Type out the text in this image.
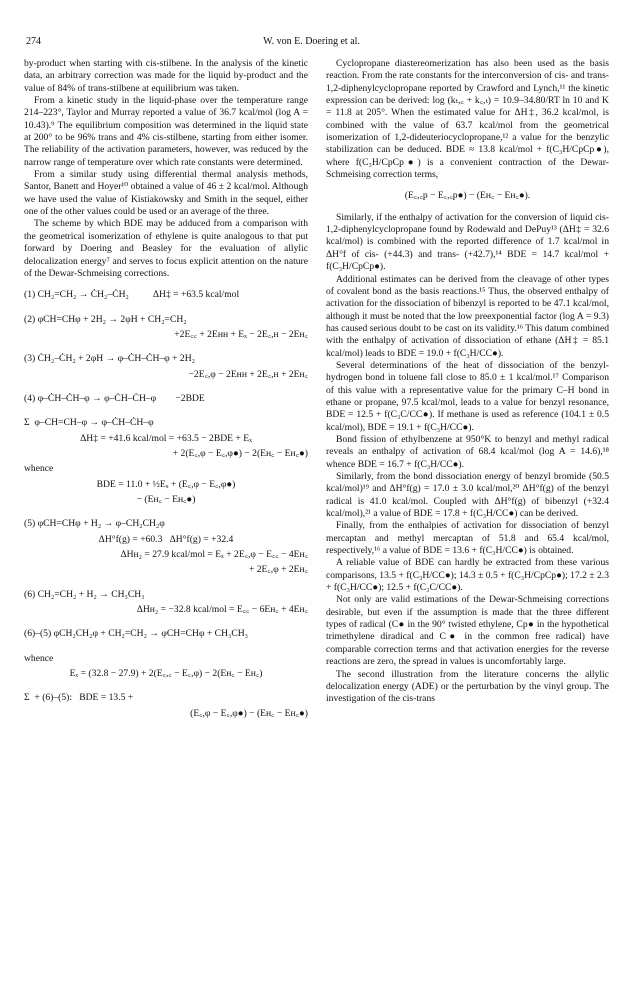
274	W. von E. Doering et al.

by-product when starting with cis-stilbene. In the analysis of the kinetic data, an arbitrary correction was made for the liquid by-product and the value of 84% of trans-stilbene at equilibrium was taken.

From a kinetic study in the liquid-phase over the temperature range 214–223°, Taylor and Murray reported a value of 36.7 kcal/mol (log A = 10.43).⁹ The equilibrium composition was determined in the liquid state at 200° to be 96% trans and 4% cis-stilbene, starting from either isomer. The reliability of the activation parameters, however, was reduced by the narrow range of temperature over which rate constants were determined.

From a similar study using differential thermal analysis methods, Santor, Banett and Hoyer¹⁰ obtained a value of 46 ± 2 kcal/mol. Although we have used the value of Kistiakowsky and Smith in the sequel, either one of the other values could be used or an average of the three.

The scheme by which BDE may be adduced from a comparison with the geometrical isomerization of ethylene is quite analogous to that put forward by Doering and Beasley for the evaluation of allylic delocalization energy⁷ and serves to focus explicit attention on the nature of the Dewar-Schmeising corrections.

(1) CH₂=CH₂ → ĊH₂–ĊH₂          ΔH‡ = +63.5 kcal/mol
(2) φCH=CHφ + 2H₂ → 2φH + CH₂=CH₂
+2E꜀꜀ + 2Eʜʜ + Eₓ − 2E꜀,ʜ − 2Eʜ꜀
(3) ĊH₂–ĊH₂ + 2φH → φ–ĊH–ĊH–φ + 2H₂
−2E꜀,φ − 2Eʜʜ + 2E꜀,ʜ + 2Eʜ꜀
(4) φ–ĊH–ĊH–φ → φ–ĊH–ĊH–φ        −2BDE
Σ  φ–CH=CH–φ → φ–ĊH–ĊH–φ
ΔH‡ = +41.6 kcal/mol = +63.5 − 2BDE + Eₓ
+ 2(E꜀,φ − E꜀,φ●) − 2(Eʜ꜀ − Eʜ꜀●)
whence
BDE = 11.0 + ½Eₓ + (E꜀,φ − E꜀,φ●)
− (Eʜ꜀ − Eʜ꜀●)
(5) φCH=CHφ + H₂ → φ–CH₂CH₂φ
ΔH°f(g) = +60.3   ΔH°f(g) = +32.4
ΔHʜ₂ = 27.9 kcal/mol = Eₓ + 2E꜀,φ − E꜀꜀ − 4Eʜ꜀
+ 2E꜀,φ + 2Eʜ꜀
(6) CH₂=CH₂ + H₂ → CH₃CH₃
ΔHʜ₂ = −32.8 kcal/mol = E꜀꜀ − 6Eʜ꜀ + 4Eʜ꜀
(6)–(5) φCH₂CH₂φ + CH₂=CH₂ → φCH=CHφ + CH₃CH₃
whence
Eₓ = (32.8 − 27.9) + 2(E꜀,꜀ − E꜀,φ) − 2(Eʜ꜀ − Eʜ꜀)
Σ  + (6)–(5):   BDE = 13.5 +
(E꜀,φ − E꜀,φ●) − (Eʜ꜀ − Eʜ꜀●)

Cyclopropane diastereomerization has also been used as the basis reaction. From the rate constants for the interconversion of cis- and trans-1,2-diphenylcyclopropane reported by Crawford and Lynch,¹¹ the kinetic expression can be derived: log (kₜ,꜀ + k꜀,ₜ) = 10.9–34.80/RT ln 10 and K = 11.8 at 205°. When the estimated value for ΔH‡, 36.2 kcal/mol, is combined with the value of 63.7 kcal/mol from the geometrical isomerization of 1,2-dideuteriocyclopropane,¹² a value for the benzylic stabilization can be deduced. BDE ≈ 13.8 kcal/mol + f(C₃H/CpCp●), where f(C₃H/CpCp●) is a convenient contraction of the Dewar-Schmeising correction terms,

(E꜀,꜀p − E꜀,꜀p●) − (Eʜ꜀ − Eʜ꜀●).

Similarly, if the enthalpy of activation for the conversion of liquid cis-1,2-diphenylcyclopropane found by Rodewald and DePuy¹³ (ΔH‡ = 32.6 kcal/mol) is combined with the reported difference of 1.7 kcal/mol in ΔH°f of cis- (+44.3) and trans- (+42.7),¹⁴ BDE = 14.7 kcal/mol + f(C₃H/CpCp●).

Additional estimates can be derived from the cleavage of other types of covalent bond as the basis reactions.¹⁵ Thus, the observed enthalpy of activation for the dissociation of bibenzyl is reported to be 47.1 kcal/mol, although it must be noted that the low preexponential factor (log A = 9.3) has caused serious doubt to be cast on its validity.¹⁶ This datum combined with the enthalpy of activation of dissociation of ethane (ΔH‡ = 85.1 kcal/mol) leads to BDE = 19.0 + f(C₃H/CC●).

Several determinations of the heat of dissociation of the benzyl-hydrogen bond in toluene fall close to 85.0 ± 1 kcal/mol.¹⁷ Comparison of this value with a representative value for the primary C–H bond in ethane or propane, 97.5 kcal/mol, leads to a value for benzyl resonance, BDE = 12.5 + f(C₃C/CC●). If methane is used as reference (104.1 ± 0.5 kcal/mol), BDE = 19.1 + f(C₃H/CC●).

Bond fission of ethylbenzene at 950°K to benzyl and methyl radical reveals an enthalpy of activation of 68.4 kcal/mol (log A = 14.6),¹⁸ whence BDE = 16.7 + f(C₃H/CC●).

Similarly, from the bond dissociation energy of benzyl bromide (50.5 kcal/mol)¹⁹ and ΔH°f(g) = 17.0 ± 3.0 kcal/mol,²⁰ ΔH°f(g) of the benzyl radical is 41.0 kcal/mol. Coupled with ΔH°f(g) of bibenzyl (+32.4 kcal/mol),²¹ a value of BDE = 17.8 + f(C₃H/CC●) can be derived.

Finally, from the enthalpies of activation for dissociation of benzyl mercaptan and methyl mercaptan of 51.8 and 65.4 kcal/mol, respectively,¹⁶ a value of BDE = 13.6 + f(C₃H/CC●) is obtained.

A reliable value of BDE can hardly be extracted from these various comparisons, 13.5 + f(C₃H/CC●); 14.3 ± 0.5 + f(C₃H/CpCp●); 17.2 ± 2.3 + f(C₃H/CC●); 12.5 + f(C₃C/CC●).

Not only are valid estimations of the Dewar-Schmeising corrections desirable, but even if the assumption is made that the three different types of radical (C● in the 90° twisted ethylene, Cp● in the hypothetical trimethylene diradical and C● in the common free radical) have comparable correction terms and that activation energies for the reverse reactions are zero, the spread in values is uncomfortably large.

The second illustration from the literature concerns the allylic delocalization energy (ADE) or the perturbation by the vinyl group. The investigation of the cis-trans
